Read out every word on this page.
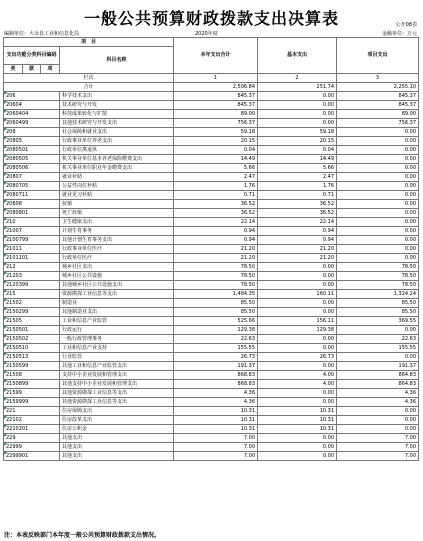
一般公共预算财政拨款支出决算表	公开08表
编制单位：大余县工业和信息化局	2020年度	金额单位：万元
项　目				本年支出合计	基本支出	项目支出
支出功能分类科目编码			科目名称			
类	款	项				
栏次				1	2	3
合计				2,506.84	251.74	2,255.10
206			科学技术支出	845.37	0.00	845.37
20604			技术研究与开发	845.37	0.00	845.37
2060404			科技成果转化与扩散	89.00	0.00	89.00
2060499			其他技术研究与开发支出	756.37	0.00	756.37
208			社会保障和就业支出	59.18	59.18	0.00
20805			行政事业单位养老支出	20.15	20.15	0.00
2080501			行政单位离退休	0.04	0.04	0.00
2080505			机关事业单位基本养老保险缴费支出	14.49	14.49	0.00
2080506			机关事业单位职业年金缴费支出	5.66	5.66	0.00
20807			就业补助	2.47	2.47	0.00
2080705			公益性岗位补贴	1.76	1.76	0.00
2080711			就业见习补贴	0.71	0.71	0.00
20808			抚恤	36.52	36.52	0.00
2080801			死亡抚恤	36.52	36.52	0.00
210			卫生健康支出	22.14	22.14	0.00
21007			计划生育事务	0.94	0.94	0.00
2100799			其他计划生育事务支出	0.94	0.94	0.00
21011			行政事业单位医疗	21.20	21.20	0.00
2101101			行政单位医疗	21.20	21.20	0.00
212			城乡社区支出	78.50	0.00	78.50
21203			城乡社区公共设施	78.50	0.00	78.50
2120399			其他城乡社区公共设施支出	78.50	0.00	78.50
215			资源勘探工业信息等支出	1,484.35	160.11	1,324.24
21502			制造业	85.50	0.00	85.50
2150299			其他制造业支出	85.50	0.00	85.50
21505			工业和信息产业监管	525.66	156.11	369.55
2150501			行政运行	129.38	129.38	0.00
2150502			一般行政管理事务	22.63	0.00	22.63
2150510			工业和信息产业支持	155.55	0.00	155.55
2150513			行业监管	26.73	26.73	0.00
2150599			其他工业和信息产业监管支出	191.37	0.00	191.37
21508			支持中小企业发展和管理支出	868.83	4.00	864.83
2150899			其他支持中小企业发展和管理支出	868.83	4.00	864.83
21599			其他资源勘探工业信息等支出	4.36	0.00	4.36
2159999			其他资源勘探工业信息等支出	4.36	0.00	4.36
221			住房保障支出	10.31	10.31	0.00
22102			住房改革支出	10.31	10.31	0.00
2210201			住房公积金	10.31	10.31	0.00
229			其他支出	7.00	0.00	7.00
22999			其他支出	7.00	0.00	7.00
2299901			其他支出	7.00	0.00	7.00
注：本表反映部门本年度一般公共预算财政拨款支出情况。
